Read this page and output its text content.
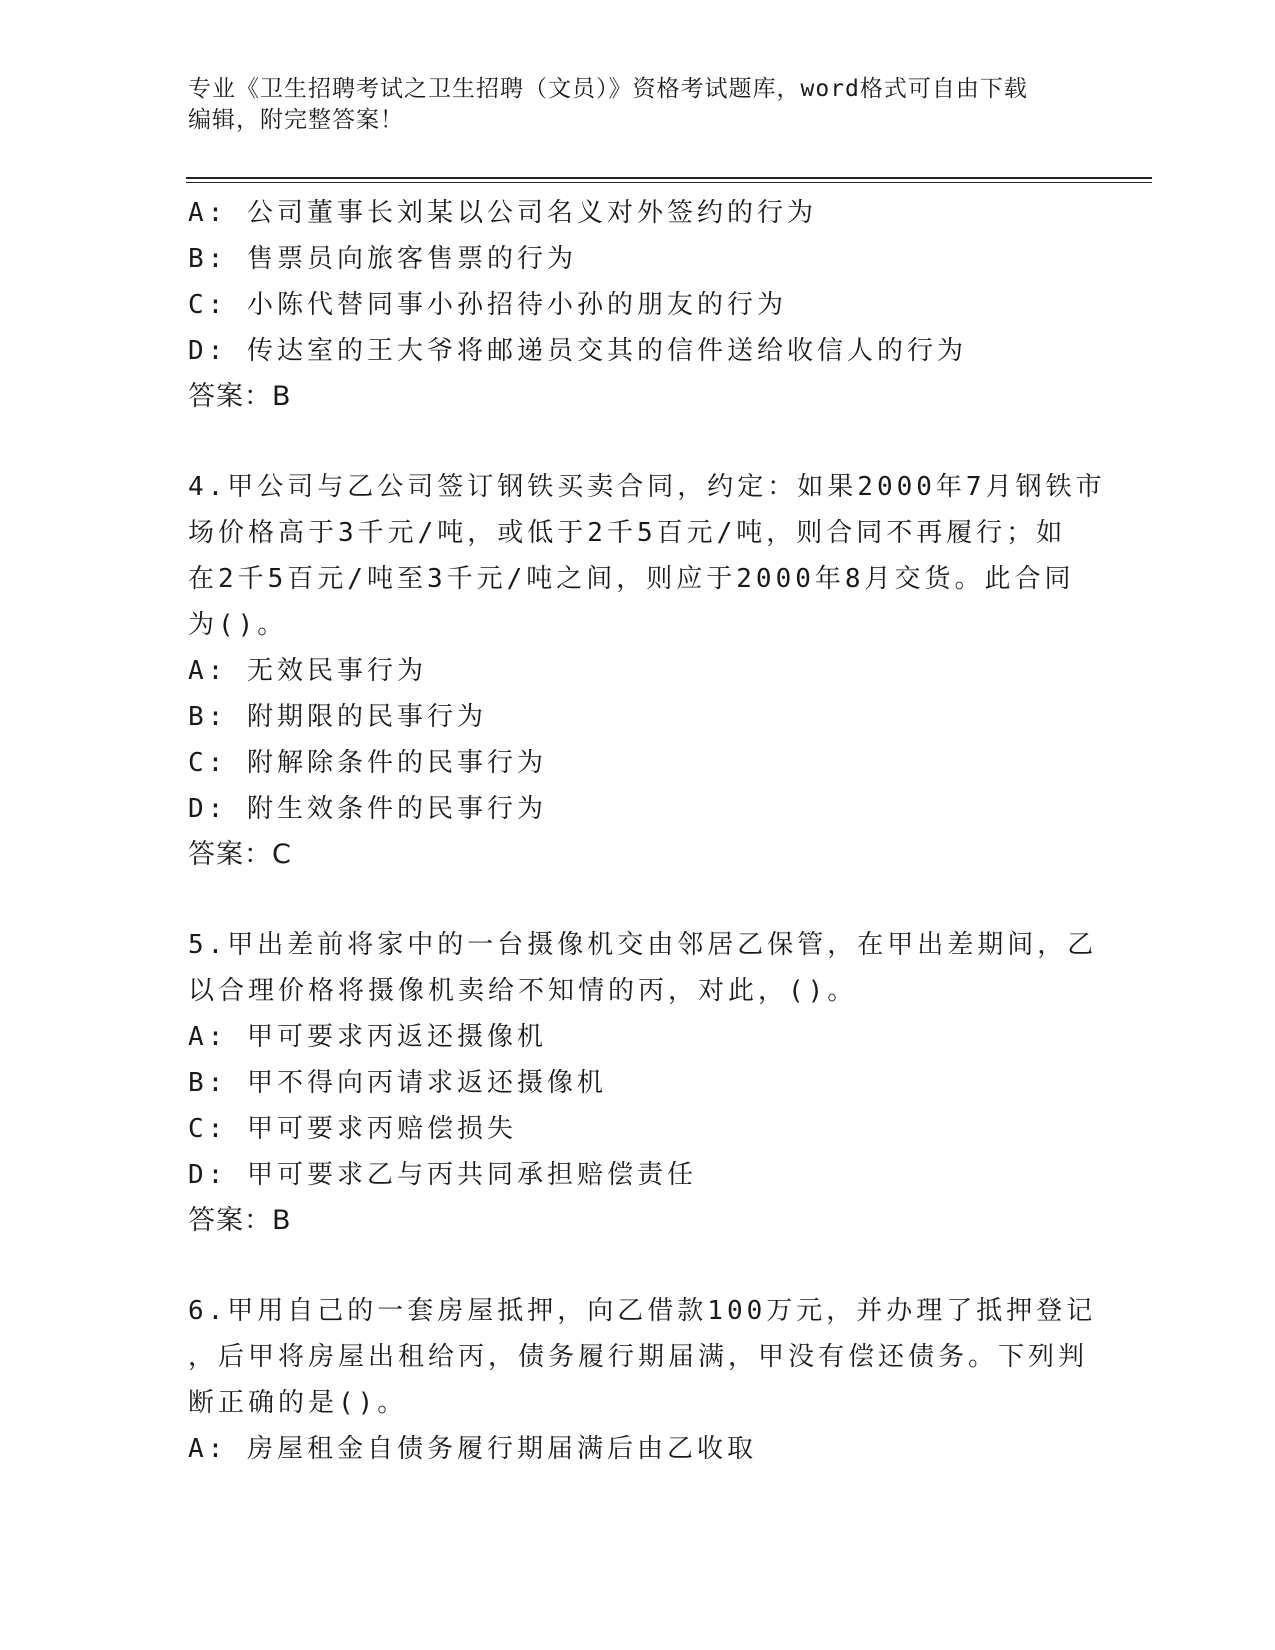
专业《卫生招聘考试之卫生招聘（文员）》资格考试题库，word格式可自由下载
编辑，附完整答案！
A: 公司董事长刘某以公司名义对外签约的行为
B: 售票员向旅客售票的行为
C: 小陈代替同事小孙招待小孙的朋友的行为
D: 传达室的王大爷将邮递员交其的信件送给收信人的行为
答案：B
4.甲公司与乙公司签订钢铁买卖合同，约定：如果2000年7月钢铁市
场价格高于3千元/吨，或低于2千5百元/吨，则合同不再履行；如
在2千5百元/吨至3千元/吨之间，则应于2000年8月交货。此合同
为()。
A: 无效民事行为
B: 附期限的民事行为
C: 附解除条件的民事行为
D: 附生效条件的民事行为
答案：C
5.甲出差前将家中的一台摄像机交由邻居乙保管，在甲出差期间，乙
以合理价格将摄像机卖给不知情的丙，对此，()。
A: 甲可要求丙返还摄像机
B: 甲不得向丙请求返还摄像机
C: 甲可要求丙赔偿损失
D: 甲可要求乙与丙共同承担赔偿责任
答案：B
6.甲用自己的一套房屋抵押，向乙借款100万元，并办理了抵押登记
，后甲将房屋出租给丙，债务履行期届满，甲没有偿还债务。下列判
断正确的是()。
A: 房屋租金自债务履行期届满后由乙收取
